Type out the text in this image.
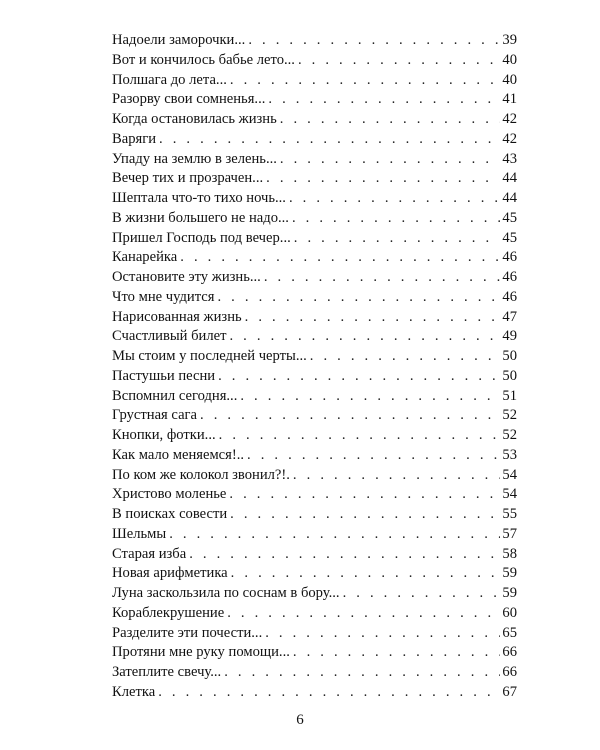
Надоели заморочки... . . .	39
Вот и кончилось бабье лето... . . .	40
Полшага до лета... . . .	40
Разорву свои сомненья... . . .	41
Когда остановилась жизнь . . .	42
Варяги . . .	42
Упаду на землю в зелень... . . .	43
Вечер тих и прозрачен... . . .	44
Шептала что-то тихо ночь... . . .	44
В жизни большего не надо... . . .	45
Пришел Господь под вечер... . . .	45
Канарейка . . .	46
Остановите эту жизнь... . . .	46
Что мне чудится . . .	46
Нарисованная жизнь . . .	47
Счастливый билет . . .	49
Мы стоим у последней черты... . . .	50
Пастушьи песни . . .	50
Вспомнил сегодня... . . .	51
Грустная сага . . .	52
Кнопки, фотки... . . .	52
Как мало меняемся!.. . . .	53
По ком же колокол звонил?!. . . .	54
Христово моленье . . .	54
В поисках совести . . .	55
Шельмы . . .	57
Старая изба . . .	58
Новая арифметика . . .	59
Луна заскользила по соснам в бору... . . .	59
Кораблекрушение . . .	60
Разделите эти почести... . . .	65
Протяни мне руку помощи... . . .	66
Затеплите свечу... . . .	66
Клетка . . .	67
6
